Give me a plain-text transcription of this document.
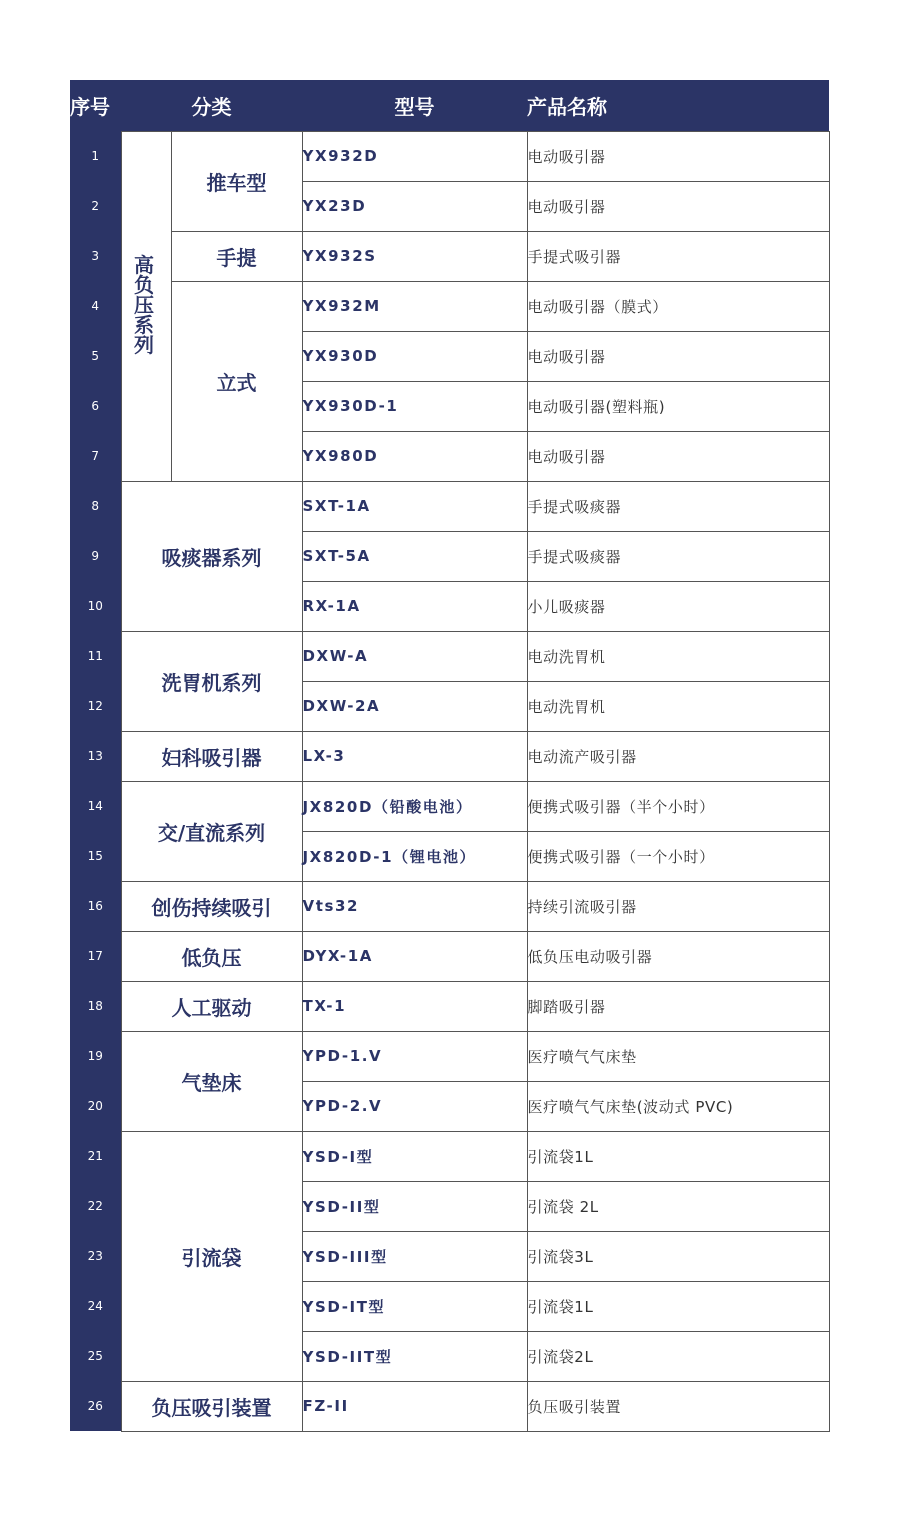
序号	分类		型号	产品名称
1	高负压系列	推车型	YX932D	电动吸引器
2			YX23D	电动吸引器
3		手提	YX932S	手提式吸引器
4		立式	YX932M	电动吸引器（膜式）
5			YX930D	电动吸引器
6			YX930D-1	电动吸引器(塑料瓶)
7			YX980D	电动吸引器
8	吸痰器系列		SXT-1A	手提式吸痰器
9			SXT-5A	手提式吸痰器
10			RX-1A	小儿吸痰器
11	洗胃机系列		DXW-A	电动洗胃机
12			DXW-2A	电动洗胃机
13	妇科吸引器		LX-3	电动流产吸引器
14	交/直流系列		JX820D（铅酸电池）	便携式吸引器（半个小时）
15			JX820D-1（锂电池）	便携式吸引器（一个小时）
16	创伤持续吸引		Vts32	持续引流吸引器
17	低负压		DYX-1A	低负压电动吸引器
18	人工驱动		TX-1	脚踏吸引器
19	气垫床		YPD-1.V	医疗喷气气床垫
20			YPD-2.V	医疗喷气气床垫(波动式 PVC)
21	引流袋		YSD-I型	引流袋1L
22			YSD-II型	引流袋 2L
23			YSD-III型	引流袋3L
24			YSD-IT型	引流袋1L
25			YSD-IIT型	引流袋2L
26	负压吸引装置		FZ-II	负压吸引装置
